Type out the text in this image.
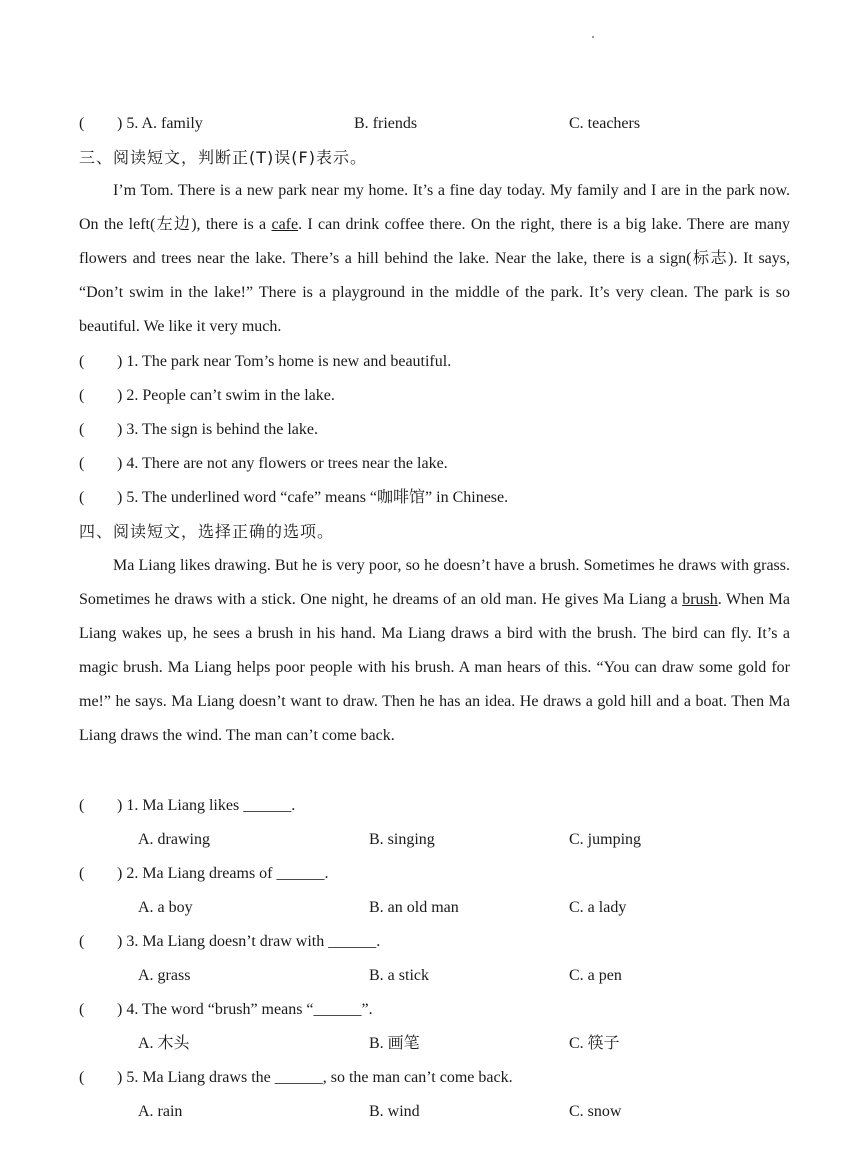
( ) 5. A. family	B. friends	C. teachers
三、阅读短文，判断正(T)误(F)表示。
I’m Tom. There is a new park near my home. It’s a fine day today. My family and I are in the park now. On the left(左边), there is a cafe. I can drink coffee there. On the right, there is a big lake. There are many flowers and trees near the lake. There’s a hill behind the lake. Near the lake, there is a sign(标志). It says, “Don’t swim in the lake!” There is a playground in the middle of the park. It’s very clean. The park is so beautiful. We like it very much.
( ) 1. The park near Tom’s home is new and beautiful.
( ) 2. People can’t swim in the lake.
( ) 3. The sign is behind the lake.
( ) 4. There are not any flowers or trees near the lake.
( ) 5. The underlined word “cafe” means “咖啡馆” in Chinese.
四、阅读短文，选择正确的选项。
Ma Liang likes drawing. But he is very poor, so he doesn’t have a brush. Sometimes he draws with grass. Sometimes he draws with a stick. One night, he dreams of an old man. He gives Ma Liang a brush. When Ma Liang wakes up, he sees a brush in his hand. Ma Liang draws a bird with the brush. The bird can fly. It’s a magic brush. Ma Liang helps poor people with his brush. A man hears of this. “You can draw some gold for me!” he says. Ma Liang doesn’t want to draw. Then he has an idea. He draws a gold hill and a boat. Then Ma Liang draws the wind. The man can’t come back.
( ) 1. Ma Liang likes ______.
A. drawing	B. singing	C. jumping
( ) 2. Ma Liang dreams of ______.
A. a boy	B. an old man	C. a lady
( ) 3. Ma Liang doesn’t draw with ______.
A. grass	B. a stick	C. a pen
( ) 4. The word “brush” means “______”.
A. 木头	B. 画笔	C. 筷子
( ) 5. Ma Liang draws the ______, so the man can’t come back.
A. rain	B. wind	C. snow
